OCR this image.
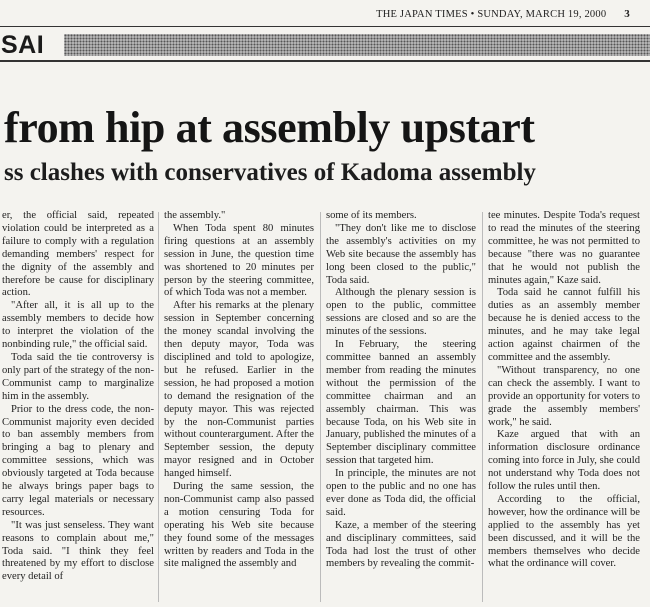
THE JAPAN TIMES • SUNDAY, MARCH 19, 2000 3
SAI
from hip at assembly upstart
ss clashes with conservatives of Kadoma assembly

er, the official said, repeated violation could be interpreted as a failure to comply with a regulation demanding members' respect for the dignity of the assembly and therefore be cause for disciplinary action.

"After all, it is all up to the assembly members to decide how to interpret the violation of the nonbinding rule," the official said.

Toda said the tie controversy is only part of the strategy of the non-Communist camp to marginalize him in the assembly.

Prior to the dress code, the non-Communist majority even decided to ban assembly members from bringing a bag to plenary and committee sessions, which was obviously targeted at Toda because he always brings paper bags to carry legal materials or necessary resources.

"It was just senseless. They want reasons to complain about me," Toda said. "I think they feel threatened by my effort to disclose every detail of

the assembly."

When Toda spent 80 minutes firing questions at an assembly session in June, the question time was shortened to 20 minutes per person by the steering committee, of which Toda was not a member.

After his remarks at the plenary session in September concerning the money scandal involving the then deputy mayor, Toda was disciplined and told to apologize, but he refused. Earlier in the session, he had proposed a motion to demand the resignation of the deputy mayor. This was rejected by the non-Communist parties without counterargument. After the September session, the deputy mayor resigned and in October hanged himself.

During the same session, the non-Communist camp also passed a motion censuring Toda for operating his Web site because they found some of the messages written by readers and Toda in the site maligned the assembly and

some of its members.

"They don't like me to disclose the assembly's activities on my Web site because the assembly has long been closed to the public," Toda said.

Although the plenary session is open to the public, committee sessions are closed and so are the minutes of the sessions.

In February, the steering committee banned an assembly member from reading the minutes without the permission of the committee chairman and an assembly chairman. This was because Toda, on his Web site in January, published the minutes of a September disciplinary committee session that targeted him.

In principle, the minutes are not open to the public and no one has ever done as Toda did, the official said.

Kaze, a member of the steering and disciplinary committees, said Toda had lost the trust of other members by revealing the commit-

tee minutes. Despite Toda's request to read the minutes of the steering committee, he was not permitted to because "there was no guarantee that he would not publish the minutes again," Kaze said.

Toda said he cannot fulfill his duties as an assembly member because he is denied access to the minutes, and he may take legal action against chairmen of the committee and the assembly.

"Without transparency, no one can check the assembly. I want to provide an opportunity for voters to grade the assembly members' work," he said.

Kaze argued that with an information disclosure ordinance coming into force in July, she could not understand why Toda does not follow the rules until then.

According to the official, however, how the ordinance will be applied to the assembly has yet been discussed, and it will be the members themselves who decide what the ordinance will cover.
